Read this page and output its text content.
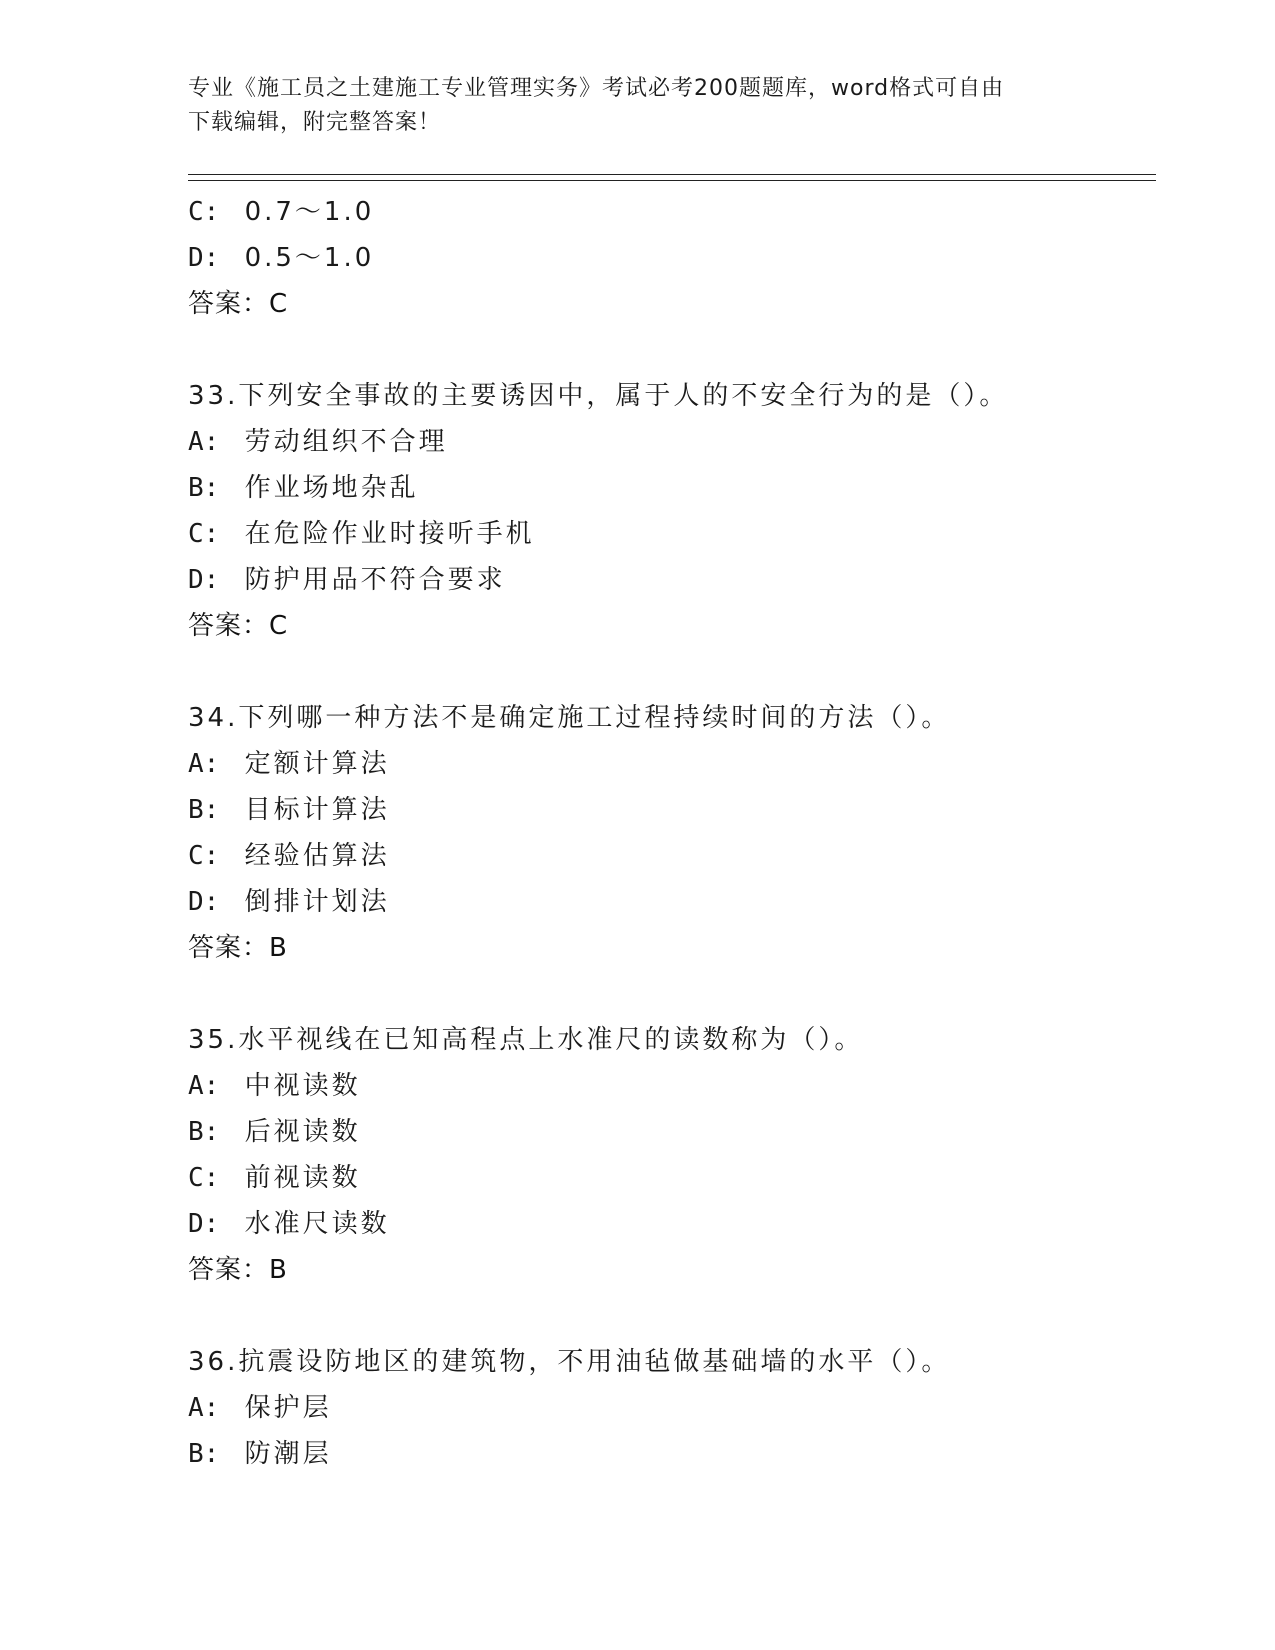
专业《施工员之土建施工专业管理实务》考试必考200题题库，word格式可自由
下载编辑，附完整答案！
C: 0.7～1.0
D: 0.5～1.0
答案：C
33.下列安全事故的主要诱因中，属于人的不安全行为的是（）。
A: 劳动组织不合理
B: 作业场地杂乱
C: 在危险作业时接听手机
D: 防护用品不符合要求
答案：C
34.下列哪一种方法不是确定施工过程持续时间的方法（）。
A: 定额计算法
B: 目标计算法
C: 经验估算法
D: 倒排计划法
答案：B
35.水平视线在已知高程点上水准尺的读数称为（）。
A: 中视读数
B: 后视读数
C: 前视读数
D: 水准尺读数
答案：B
36.抗震设防地区的建筑物，不用油毡做基础墙的水平（）。
A: 保护层
B: 防潮层
